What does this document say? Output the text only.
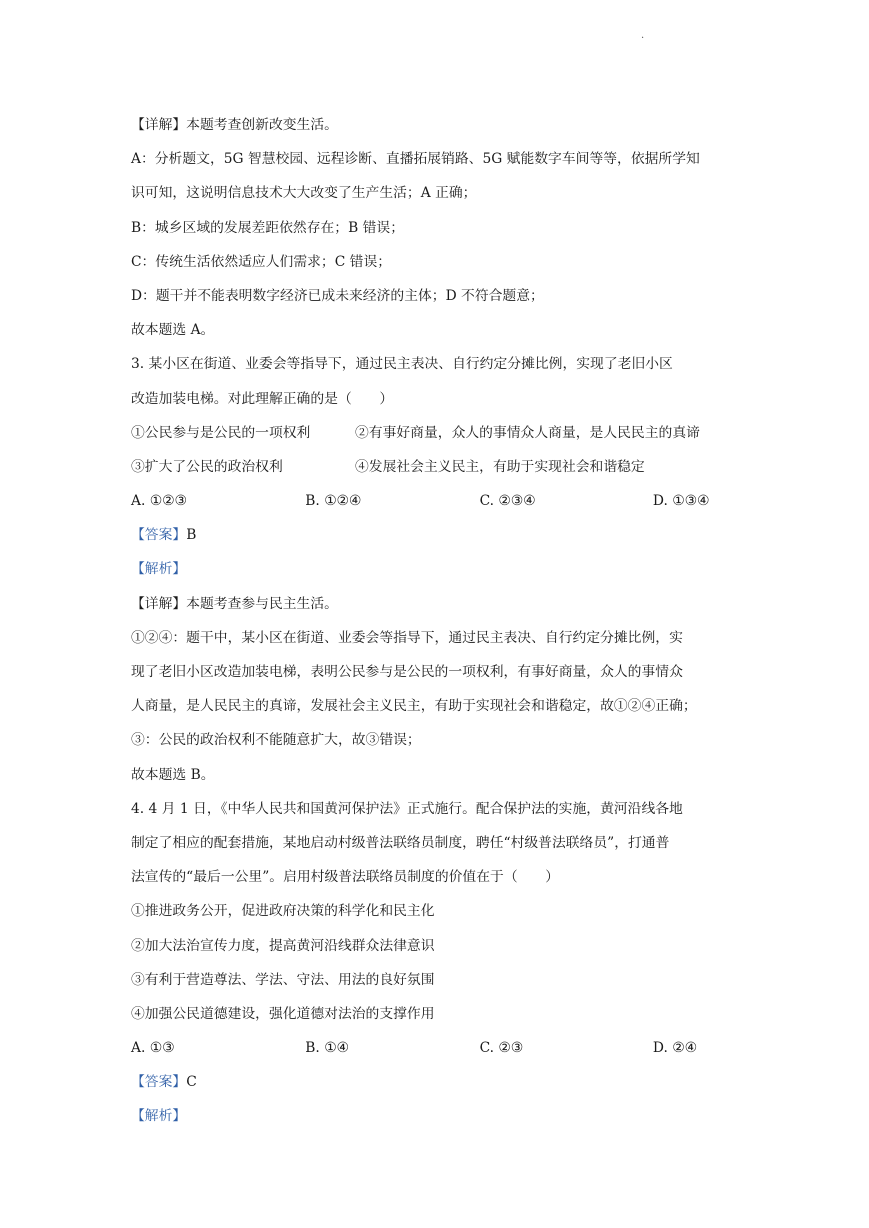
.
【详解】本题考查创新改变生活。
A：分析题文，5G 智慧校园、远程诊断、直播拓展销路、5G 赋能数字车间等等，依据所学知
识可知，这说明信息技术大大改变了生产生活；A 正确；
B：城乡区域的发展差距依然存在；B 错误；
C：传统生活依然适应人们需求；C 错误；
D：题干并不能表明数字经济已成未来经济的主体；D 不符合题意；
故本题选 A。
3. 某小区在街道、业委会等指导下，通过民主表决、自行约定分摊比例，实现了老旧小区
改造加装电梯。对此理解正确的是（　　）
①公民参与是公民的一项权利	②有事好商量，众人的事情众人商量，是人民民主的真谛
③扩大了公民的政治权利	④发展社会主义民主，有助于实现社会和谐稳定
A. ①②③	B. ①②④	C. ②③④	D. ①③④
【答案】B
【解析】
【详解】本题考查参与民主生活。
①②④：题干中，某小区在街道、业委会等指导下，通过民主表决、自行约定分摊比例，实
现了老旧小区改造加装电梯，表明公民参与是公民的一项权利，有事好商量，众人的事情众
人商量，是人民民主的真谛，发展社会主义民主，有助于实现社会和谐稳定，故①②④正确；
③：公民的政治权利不能随意扩大，故③错误；
故本题选 B。
4. 4 月 1 日，《中华人民共和国黄河保护法》正式施行。配合保护法的实施，黄河沿线各地
制定了相应的配套措施，某地启动村级普法联络员制度，聘任“村级普法联络员”，打通普
法宣传的“最后一公里”。启用村级普法联络员制度的价值在于（　　）
①推进政务公开，促进政府决策的科学化和民主化
②加大法治宣传力度，提高黄河沿线群众法律意识
③有利于营造尊法、学法、守法、用法的良好氛围
④加强公民道德建设，强化道德对法治的支撑作用
A. ①③	B. ①④	C. ②③	D. ②④
【答案】C
【解析】
